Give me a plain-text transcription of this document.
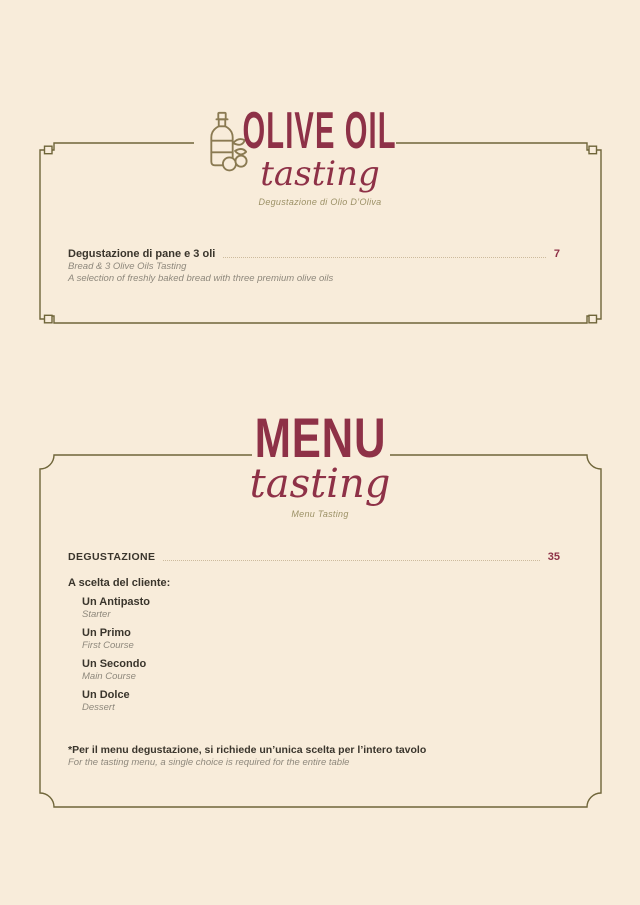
OLIVE OIL
tasting
Degustazione di Olio D’Oliva
Degustazione di pane e 3 oli	7
Bread & 3 Olive Oils Tasting
A selection of freshly baked bread with three premium olive oils
MENU
tasting
Menu Tasting
DEGUSTAZIONE	35
A scelta del cliente:
Un Antipasto
Starter
Un Primo
First Course
Un Secondo
Main Course
Un Dolce
Dessert
*Per il menu degustazione, si richiede un’unica scelta per l’intero tavolo
For the tasting menu, a single choice is required for the entire table
